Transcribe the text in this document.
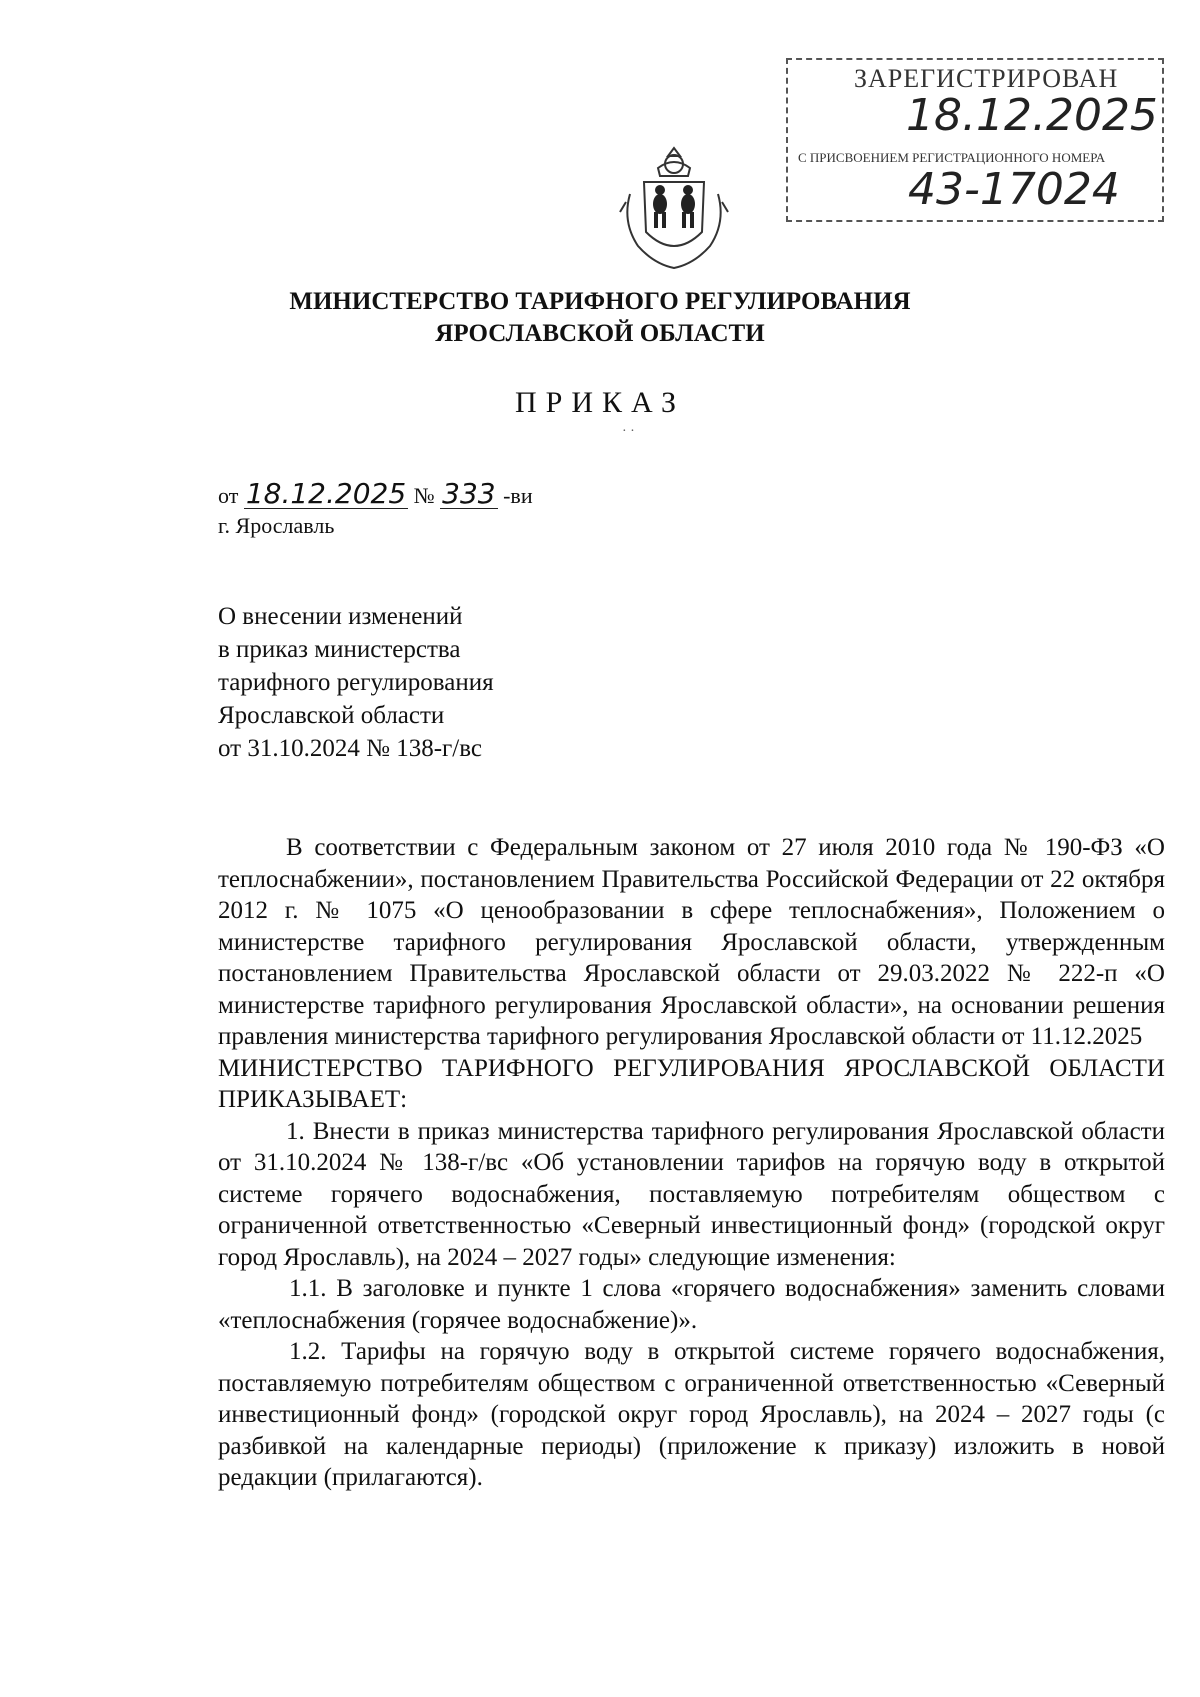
ЗАРЕГИСТРИРОВАН
18.12.2025
С ПРИСВОЕНИЕМ РЕГИСТРАЦИОННОГО НОМЕРА
43-17024
МИНИСТЕРСТВО ТАРИФНОГО РЕГУЛИРОВАНИЯ
ЯРОСЛАВСКОЙ ОБЛАСТИ
ПРИКАЗ
· ·
от 18.12.2025 № 333 -ви
г. Ярославль
О внесении изменений
в приказ министерства
тарифного регулирования
Ярославской области
от 31.10.2024 № 138-г/вс

В соответствии с Федеральным законом от 27 июля 2010 года № 190-ФЗ «О теплоснабжении», постановлением Правительства Российской Федерации от 22 октября 2012 г. № 1075 «О ценообразовании в сфере теплоснабжения», Положением о министерстве тарифного регулирования Ярославской области, утвержденным постановлением Правительства Ярославской области от 29.03.2022 № 222-п «О министерстве тарифного регулирования Ярославской области», на основании решения правления министерства тарифного регулирования Ярославской области от 11.12.2025

МИНИСТЕРСТВО ТАРИФНОГО РЕГУЛИРОВАНИЯ ЯРОСЛАВСКОЙ ОБЛАСТИ ПРИКАЗЫВАЕТ:

1. Внести в приказ министерства тарифного регулирования Ярославской области от 31.10.2024 № 138-г/вс «Об установлении тарифов на горячую воду в открытой системе горячего водоснабжения, поставляемую потребителям обществом с ограниченной ответственностью «Северный инвестиционный фонд» (городской округ город Ярославль), на 2024 – 2027 годы» следующие изменения:

1.1. В заголовке и пункте 1 слова «горячего водоснабжения» заменить словами «теплоснабжения (горячее водоснабжение)».

1.2. Тарифы на горячую воду в открытой системе горячего водоснабжения, поставляемую потребителям обществом с ограниченной ответственностью «Северный инвестиционный фонд» (городской округ город Ярославль), на 2024 – 2027 годы (с разбивкой на календарные периоды) (приложение к приказу) изложить в новой редакции (прилагаются).
